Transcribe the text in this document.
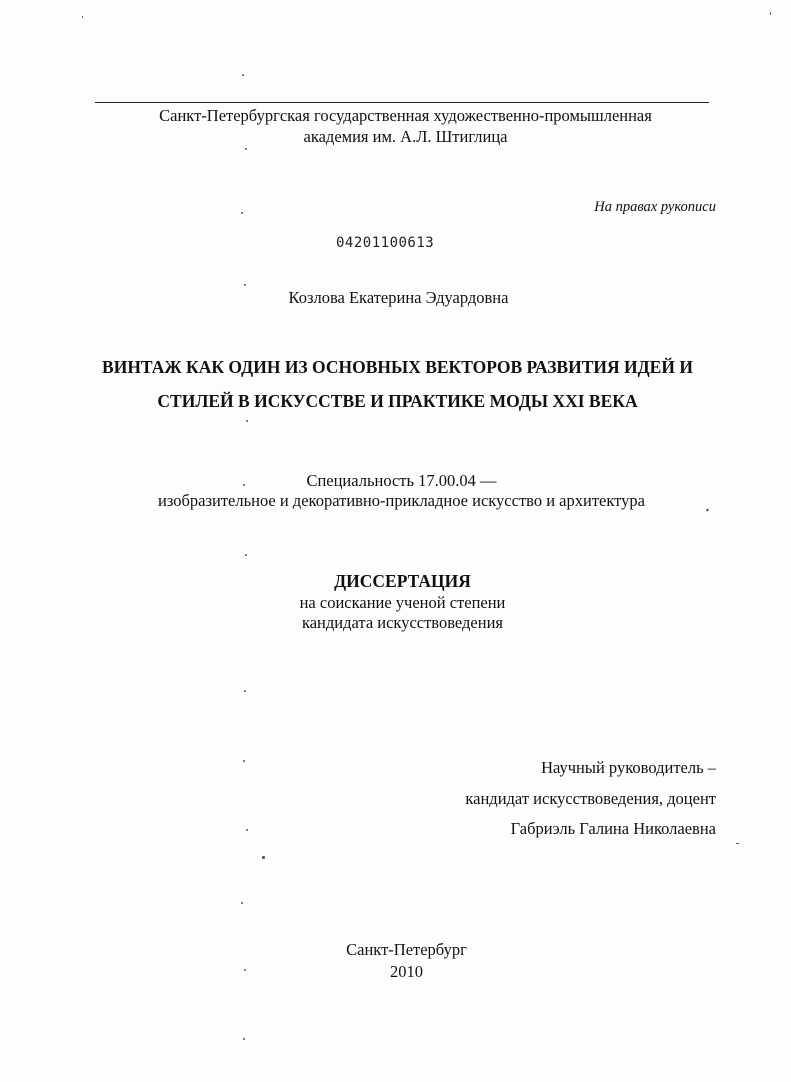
Санкт-Петербургская государственная художественно-промышленная
академия им. А.Л. Штиглица
На правах рукописи
04201100613
Козлова Екатерина Эдуардовна
ВИНТАЖ КАК ОДИН ИЗ ОСНОВНЫХ ВЕКТОРОВ РАЗВИТИЯ ИДЕЙ И
СТИЛЕЙ В ИСКУССТВЕ И ПРАКТИКЕ МОДЫ XXI ВЕКА
Специальность 17.00.04 —
изобразительное и декоративно-прикладное искусство и архитектура
ДИССЕРТАЦИЯ
на соискание ученой степени
кандидата искусствоведения
Научный руководитель –
кандидат искусствоведения, доцент
Габриэль Галина Николаевна
Санкт-Петербург
2010
